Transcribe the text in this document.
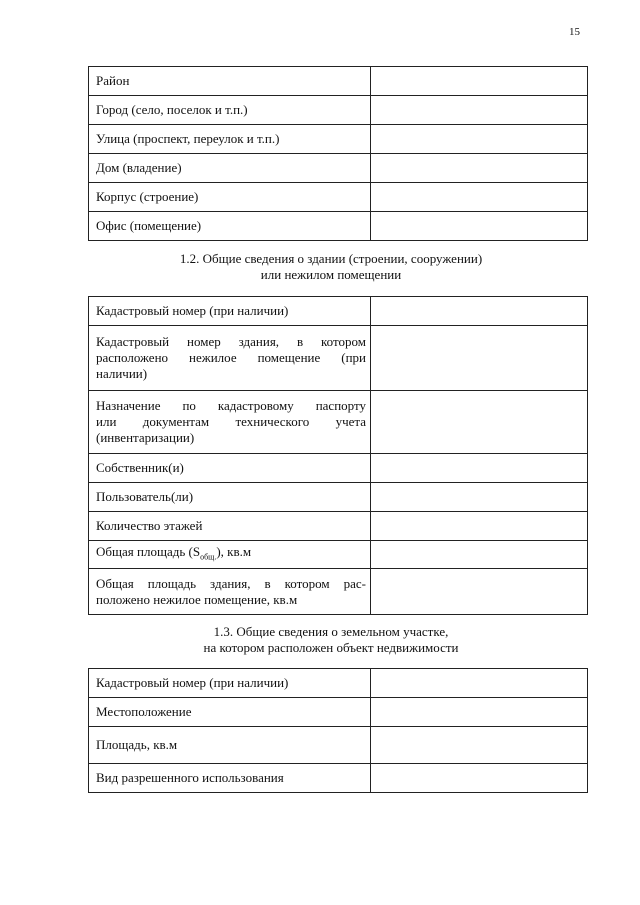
15
Район	
Город (село, поселок и т.п.)	
Улица (проспект, переулок и т.п.)	
Дом (владение)	
Корпус (строение)	
Офис (помещение)	
1.2. Общие сведения о здании (строении, сооружении)
или нежилом помещении
Кадастровый номер (при наличии)	

Кадастровый номер здания, в котором
расположено нежилое помещение (при
наличии)	

Назначение по кадастровому паспорту
или документам технического учета
(инвентаризации)	

Собственник(и)	
Пользователь(ли)	
Количество этажей	
Общая площадь $(S_{общ.})$, кв.м	

Общая площадь здания, в котором рас-
положено нежилое помещение, кв.м	

1.3. Общие сведения о земельном участке,
на котором расположен объект недвижимости
Кадастровый номер (при наличии)	
Местоположение	
Площадь, кв.м	
Вид разрешенного использования	
